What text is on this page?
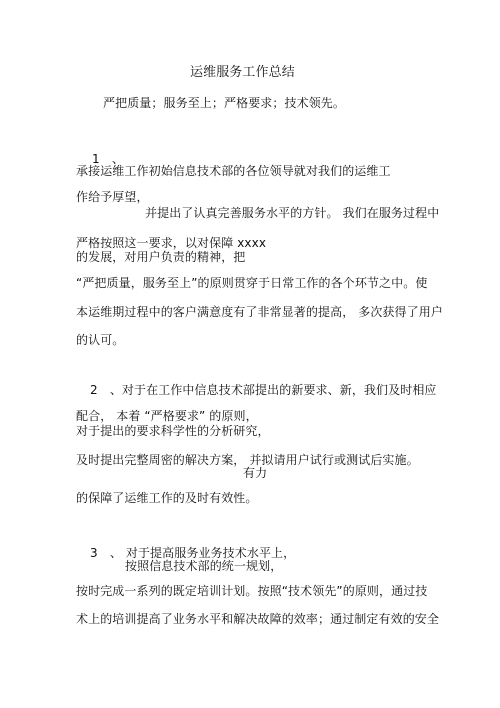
运维服务工作总结
严把质量；服务至上；严格要求；技术领先。
1　、
承接运维工作初始信息技术部的各位领导就对我们的运维工
作给予厚望，
并提出了认真完善服务水平的方针。 我们在服务过程中
严格按照这一要求，以对保障 xxxx
的发展，对用户负责的精神，把
“严把质量，服务至上”的原则贯穿于日常工作的各个环节之中。使
本运维期过程中的客户满意度有了非常显著的提高， 多次获得了用户
的认可。
2　、对于在工作中信息技术部提出的新要求、新，我们及时相应
配合， 本着 “严格要求” 的原则，
对于提出的要求科学性的分析研究，
及时提出完整周密的解决方案， 并拟请用户试行或测试后实施。
有力
的保障了运维工作的及时有效性。
3　、 对于提高服务业务技术水平上，
按照信息技术部的统一规划，
按时完成一系列的既定培训计划。按照“技术领先”的原则，通过技
术上的培训提高了业务水平和解决故障的效率；通过制定有效的安全
